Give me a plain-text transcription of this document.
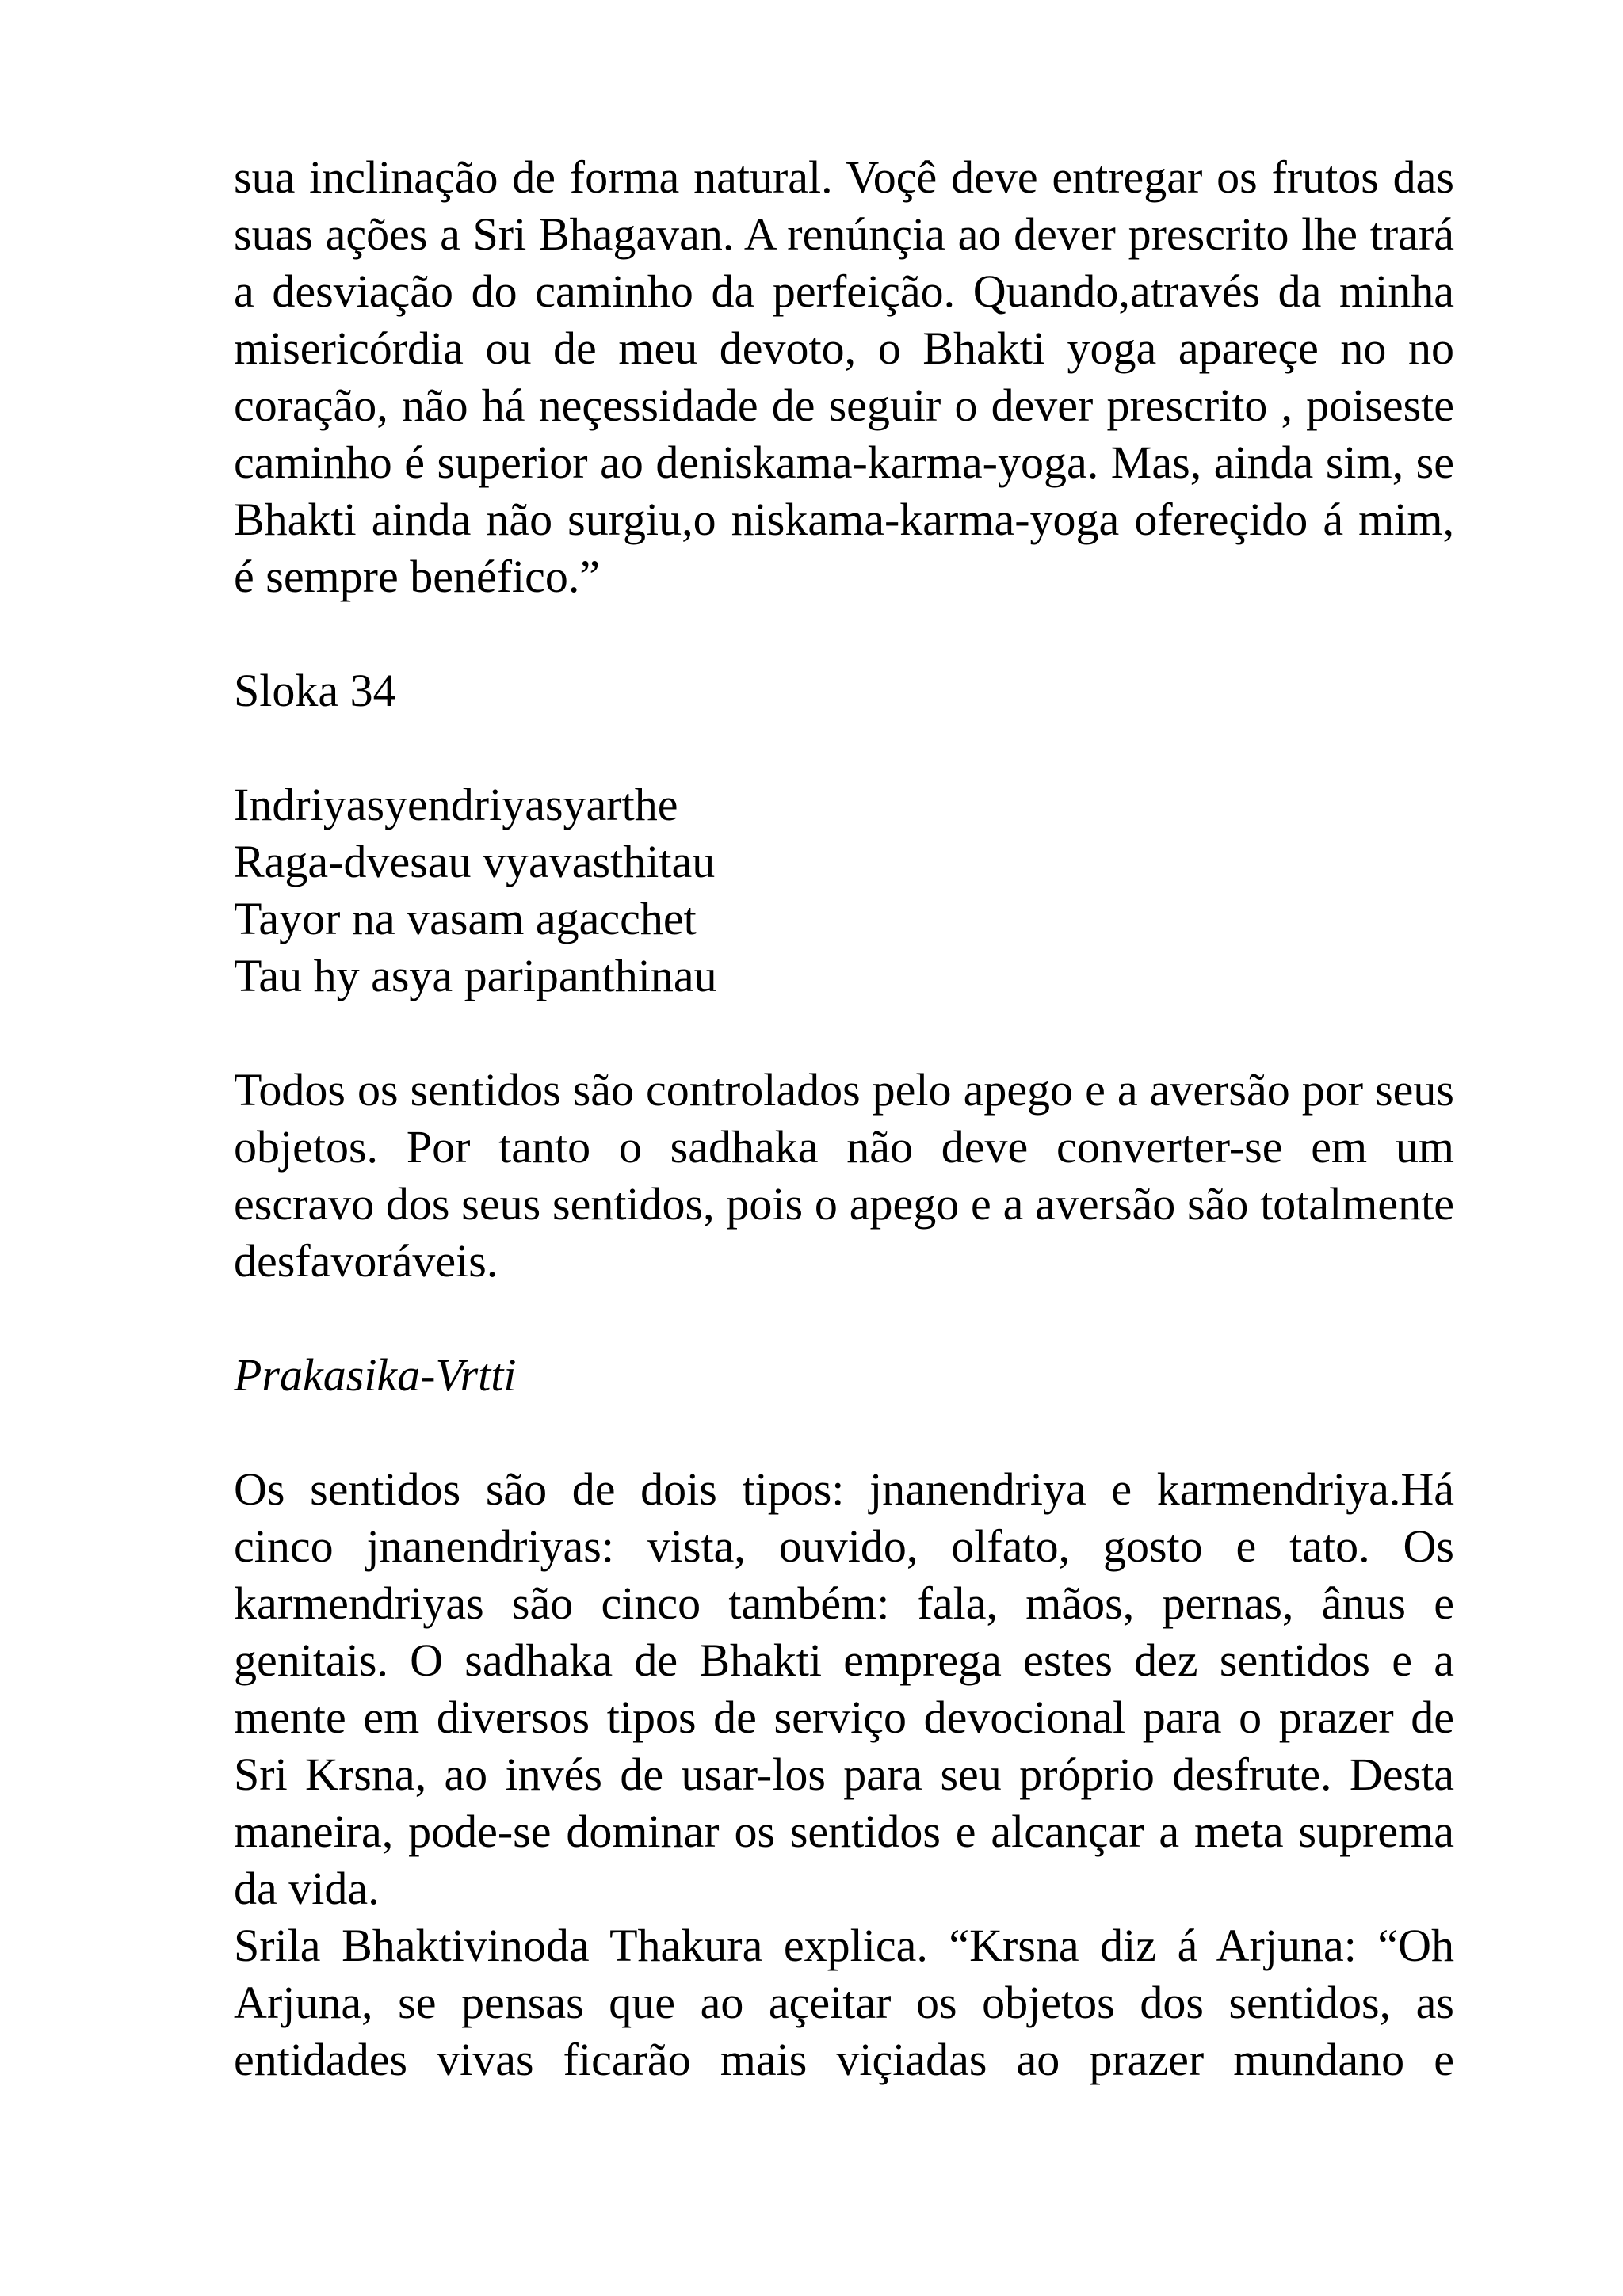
sua inclinação de forma natural. Voçê deve entregar os frutos das suas ações a Sri Bhagavan. A renúnçia ao dever prescrito lhe trará a desviação do caminho da perfeição. Quando,através da minha misericórdia ou de meu devoto, o Bhakti yoga apareçe no no coração, não há neçessidade de seguir o dever prescrito , poiseste caminho é superior ao deniskama-karma-yoga. Mas, ainda sim, se Bhakti ainda não surgiu,o niskama-karma-yoga ofereçido á mim, é sempre benéfico.”

Sloka 34

Indriyasyendriyasyarthe
Raga-dvesau vyavasthitau
Tayor na vasam agacchet
Tau hy asya paripanthinau

Todos os sentidos são controlados pelo apego e a aversão por seus objetos. Por tanto o sadhaka não deve converter-se em um escravo dos seus sentidos, pois o apego e a aversão são totalmente desfavoráveis.

Prakasika-Vrtti

Os sentidos são de dois tipos: jnanendriya e karmendriya.Há cinco jnanendriyas: vista, ouvido, olfato, gosto e tato. Os karmendriyas são cinco também: fala, mãos, pernas, ânus e genitais. O sadhaka de Bhakti emprega estes dez sentidos e a mente em diversos tipos de serviço devocional para o prazer de Sri Krsna, ao invés de usar-los para seu próprio desfrute. Desta maneira, pode-se dominar os sentidos e alcançar a meta suprema da vida.

Srila Bhaktivinoda Thakura explica. “Krsna diz á Arjuna: “Oh Arjuna, se pensas que ao açeitar os objetos dos sentidos, as entidades vivas ficarão mais viçiadas ao prazer mundano e
